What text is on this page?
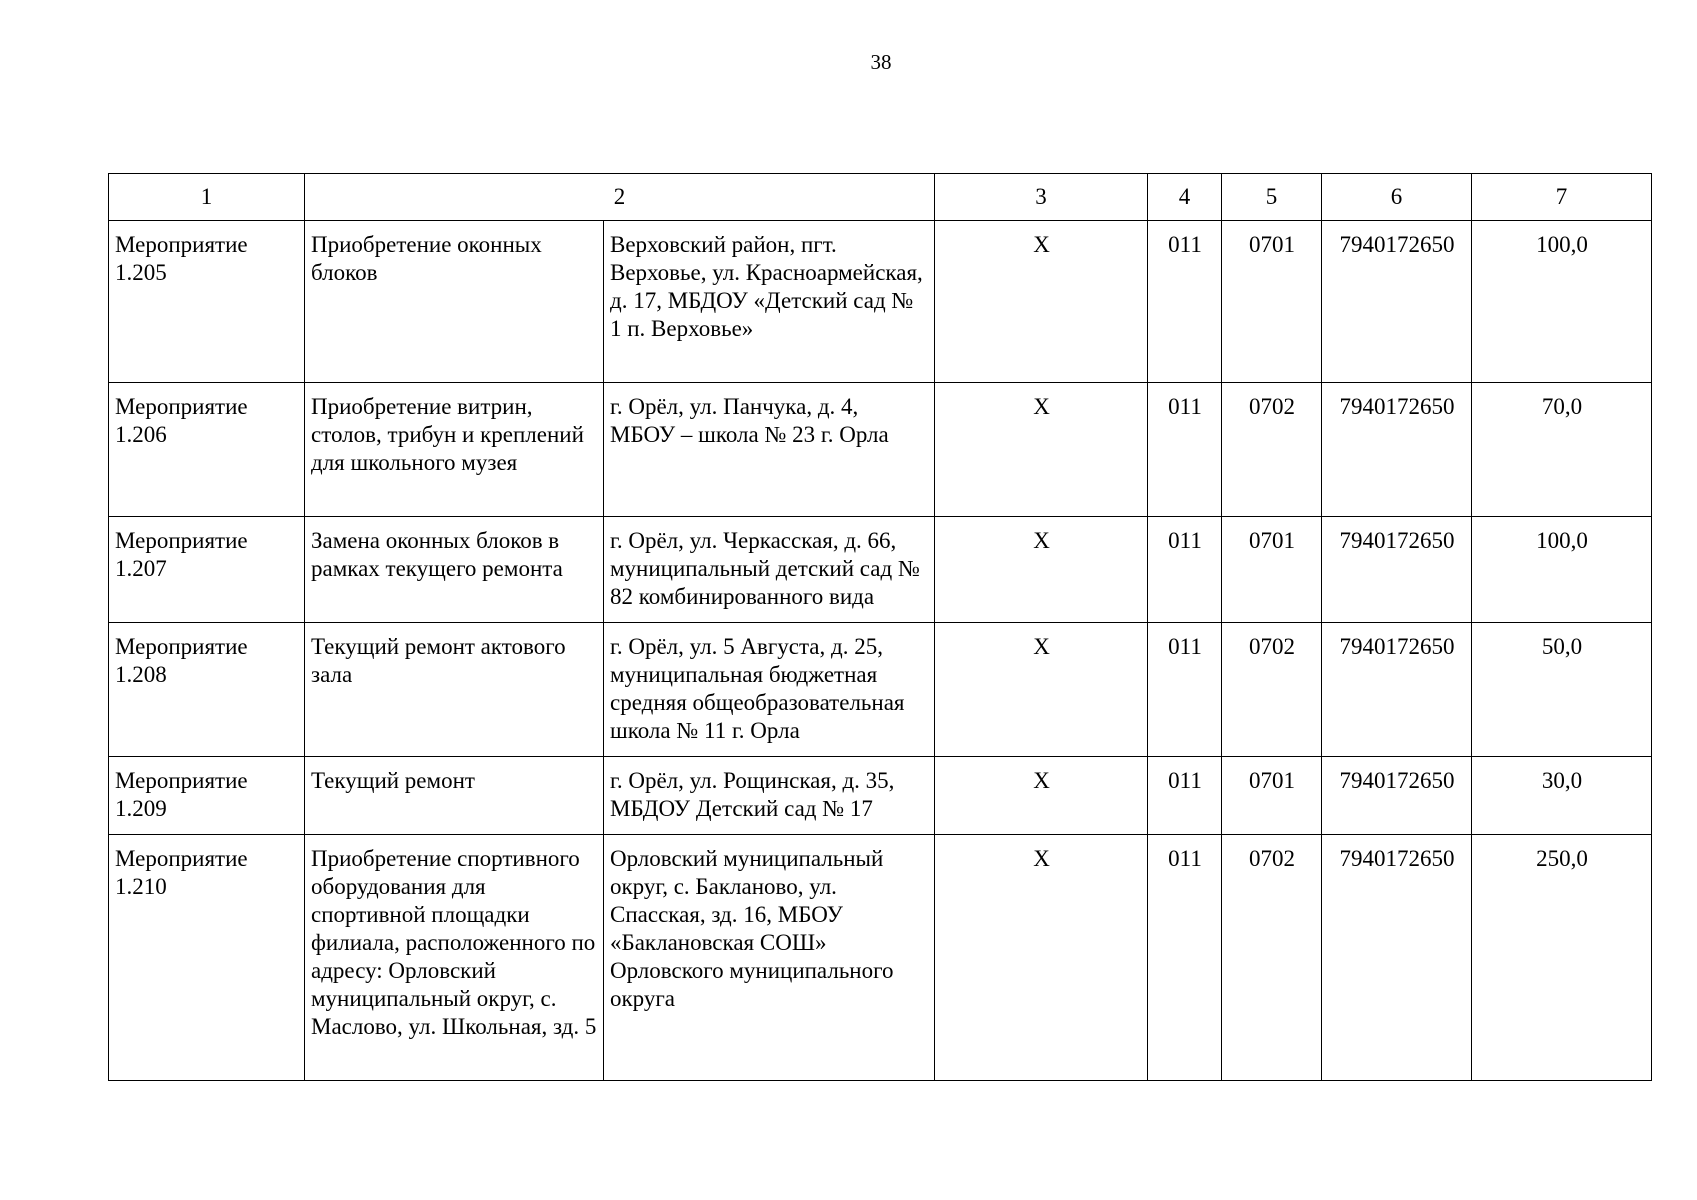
38
1	2		3	4	5	6	7
Мероприятие 1.205	Приобретение оконных блоков	Верховский район, пгт. Верховье, ул. Красноармейская, д. 17, МБДОУ «Детский сад № 1 п. Верховье»	Х	011	0701	7940172650	100,0
Мероприятие 1.206	Приобретение витрин, столов, трибун и креплений для школьного музея	г. Орёл, ул. Панчука, д. 4, МБОУ – школа № 23 г. Орла	Х	011	0702	7940172650	70,0
Мероприятие 1.207	Замена оконных блоков в рамках текущего ремонта	г. Орёл, ул. Черкасская, д. 66, муниципальный детский сад № 82 комбинированного вида	Х	011	0701	7940172650	100,0
Мероприятие 1.208	Текущий ремонт актового зала	г. Орёл, ул. 5 Августа, д. 25, муниципальная бюджетная средняя общеобразовательная школа № 11 г. Орла	Х	011	0702	7940172650	50,0
Мероприятие 1.209	Текущий ремонт	г. Орёл, ул. Рощинская, д. 35, МБДОУ Детский сад № 17	Х	011	0701	7940172650	30,0
Мероприятие 1.210	Приобретение спортивного оборудования для спортивной площадки филиала, расположенного по адресу: Орловский муниципальный округ, с. Маслово, ул. Школьная, зд. 5	Орловский муниципальный округ, с. Бакланово, ул. Спасская, зд. 16, МБОУ «Баклановская СОШ» Орловского муниципального округа	Х	011	0702	7940172650	250,0
